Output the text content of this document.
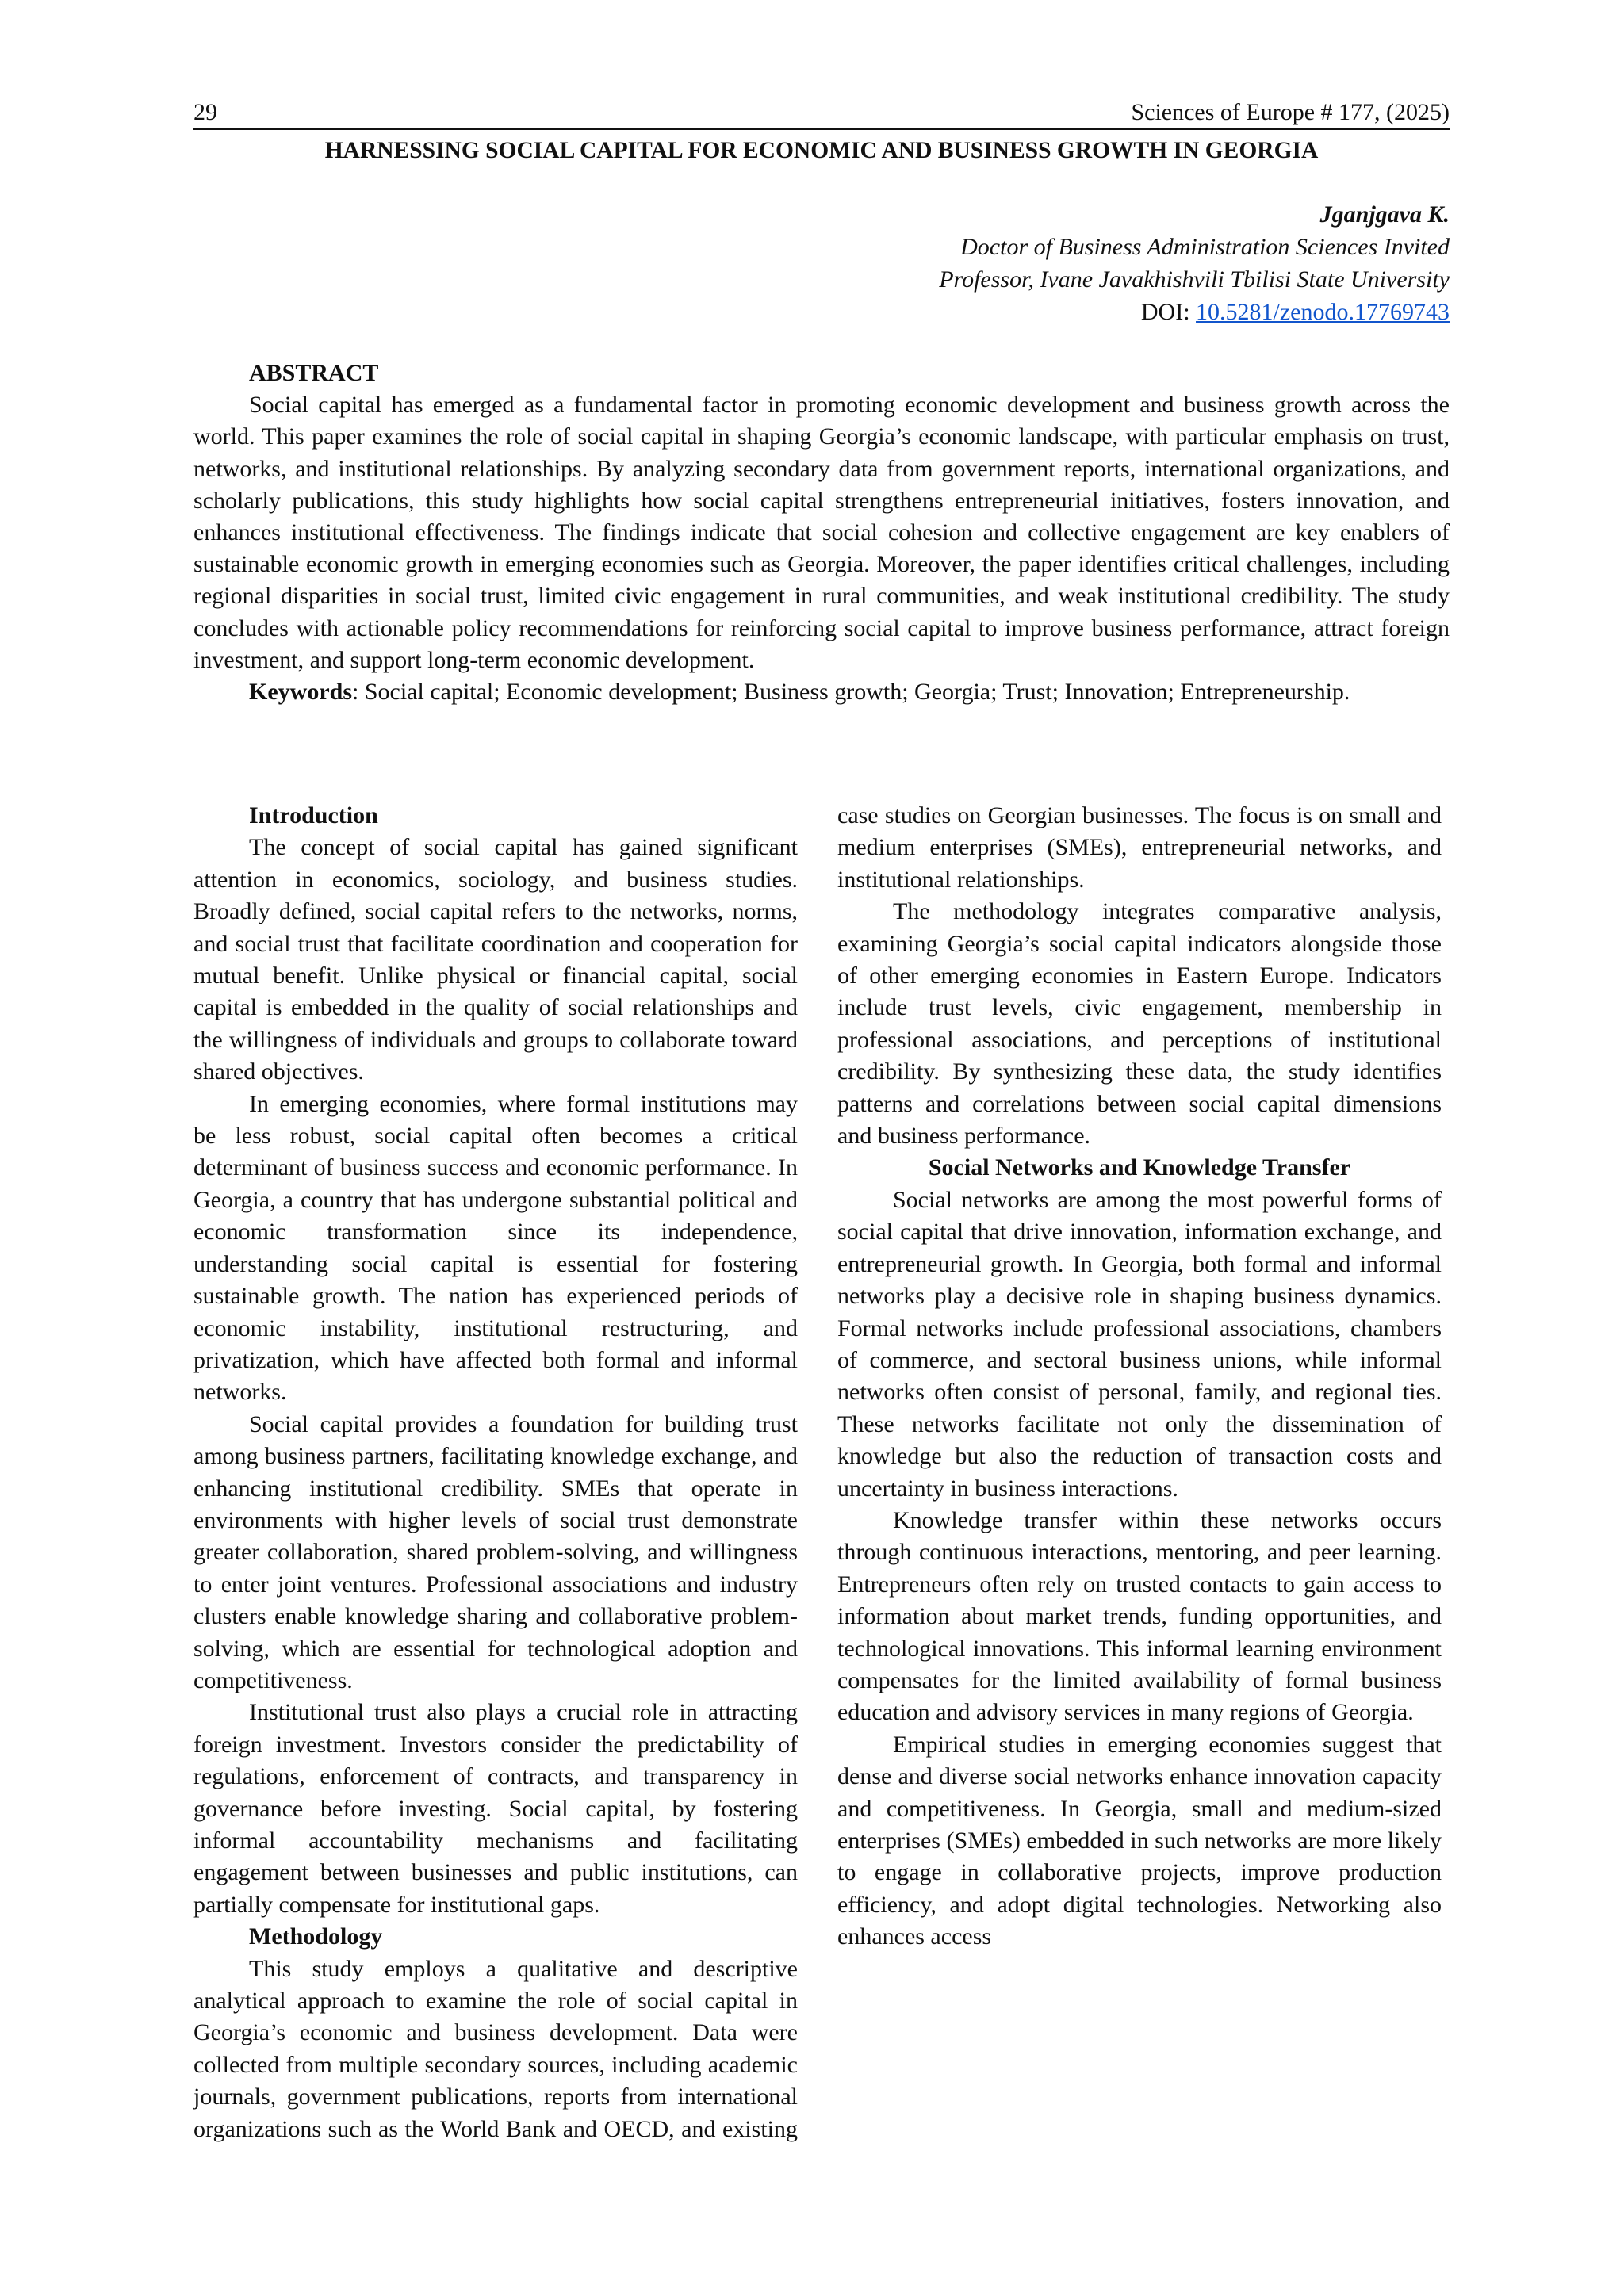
29	Sciences of Europe # 177, (2025)
HARNESSING SOCIAL CAPITAL FOR ECONOMIC AND BUSINESS GROWTH IN GEORGIA
Jganjgava K.
Doctor of Business Administration Sciences Invited
Professor, Ivane Javakhishvili Tbilisi State University
DOI: 10.5281/zenodo.17769743

ABSTRACT

Social capital has emerged as a fundamental factor in promoting economic development and business growth across the world. This paper examines the role of social capital in shaping Georgia’s economic landscape, with particular emphasis on trust, networks, and institutional relationships. By analyzing secondary data from government reports, international organizations, and scholarly publications, this study highlights how social capital strengthens entrepreneurial initiatives, fosters innovation, and enhances institutional effectiveness. The findings indicate that social cohesion and collective engagement are key enablers of sustainable economic growth in emerging economies such as Georgia. Moreover, the paper identifies critical challenges, including regional disparities in social trust, limited civic engagement in rural communities, and weak institutional credibility. The study concludes with actionable policy recommendations for reinforcing social capital to improve business performance, attract foreign investment, and support long-term economic development.

Keywords: Social capital; Economic development; Business growth; Georgia; Trust; Innovation; Entrepreneurship.

Introduction

The concept of social capital has gained significant attention in economics, sociology, and business studies. Broadly defined, social capital refers to the networks, norms, and social trust that facilitate coordination and cooperation for mutual benefit. Unlike physical or financial capital, social capital is embedded in the quality of social relationships and the willingness of individuals and groups to collaborate toward shared objectives.

In emerging economies, where formal institutions may be less robust, social capital often becomes a critical determinant of business success and economic performance. In Georgia, a country that has undergone substantial political and economic transformation since its independence, understanding social capital is essential for fostering sustainable growth. The nation has experienced periods of economic instability, institutional restructuring, and privatization, which have affected both formal and informal networks.

Social capital provides a foundation for building trust among business partners, facilitating knowledge exchange, and enhancing institutional credibility. SMEs that operate in environments with higher levels of social trust demonstrate greater collaboration, shared problem-solving, and willingness to enter joint ventures. Professional associations and industry clusters enable knowledge sharing and collaborative problem-solving, which are essential for technological adoption and competitiveness.

Institutional trust also plays a crucial role in attracting foreign investment. Investors consider the predictability of regulations, enforcement of contracts, and transparency in governance before investing. Social capital, by fostering informal accountability mechanisms and facilitating engagement between businesses and public institutions, can partially compensate for institutional gaps.

Methodology

This study employs a qualitative and descriptive analytical approach to examine the role of social capital in Georgia’s economic and business development. Data were collected from multiple secondary sources, including academic journals, government publications, reports from international organizations such as the World Bank and OECD, and existing

case studies on Georgian businesses. The focus is on small and medium enterprises (SMEs), entrepreneurial networks, and institutional relationships.

The methodology integrates comparative analysis, examining Georgia’s social capital indicators alongside those of other emerging economies in Eastern Europe. Indicators include trust levels, civic engagement, membership in professional associations, and perceptions of institutional credibility. By synthesizing these data, the study identifies patterns and correlations between social capital dimensions and business performance.

Social Networks and Knowledge Transfer

Social networks are among the most powerful forms of social capital that drive innovation, information exchange, and entrepreneurial growth. In Georgia, both formal and informal networks play a decisive role in shaping business dynamics. Formal networks include professional associations, chambers of commerce, and sectoral business unions, while informal networks often consist of personal, family, and regional ties. These networks facilitate not only the dissemination of knowledge but also the reduction of transaction costs and uncertainty in business interactions.

Knowledge transfer within these networks occurs through continuous interactions, mentoring, and peer learning. Entrepreneurs often rely on trusted contacts to gain access to information about market trends, funding opportunities, and technological innovations. This informal learning environment compensates for the limited availability of formal business education and advisory services in many regions of Georgia.

Empirical studies in emerging economies suggest that dense and diverse social networks enhance innovation capacity and competitiveness. In Georgia, small and medium-sized enterprises (SMEs) embedded in such networks are more likely to engage in collaborative projects, improve production efficiency, and adopt digital technologies. Networking also enhances access
